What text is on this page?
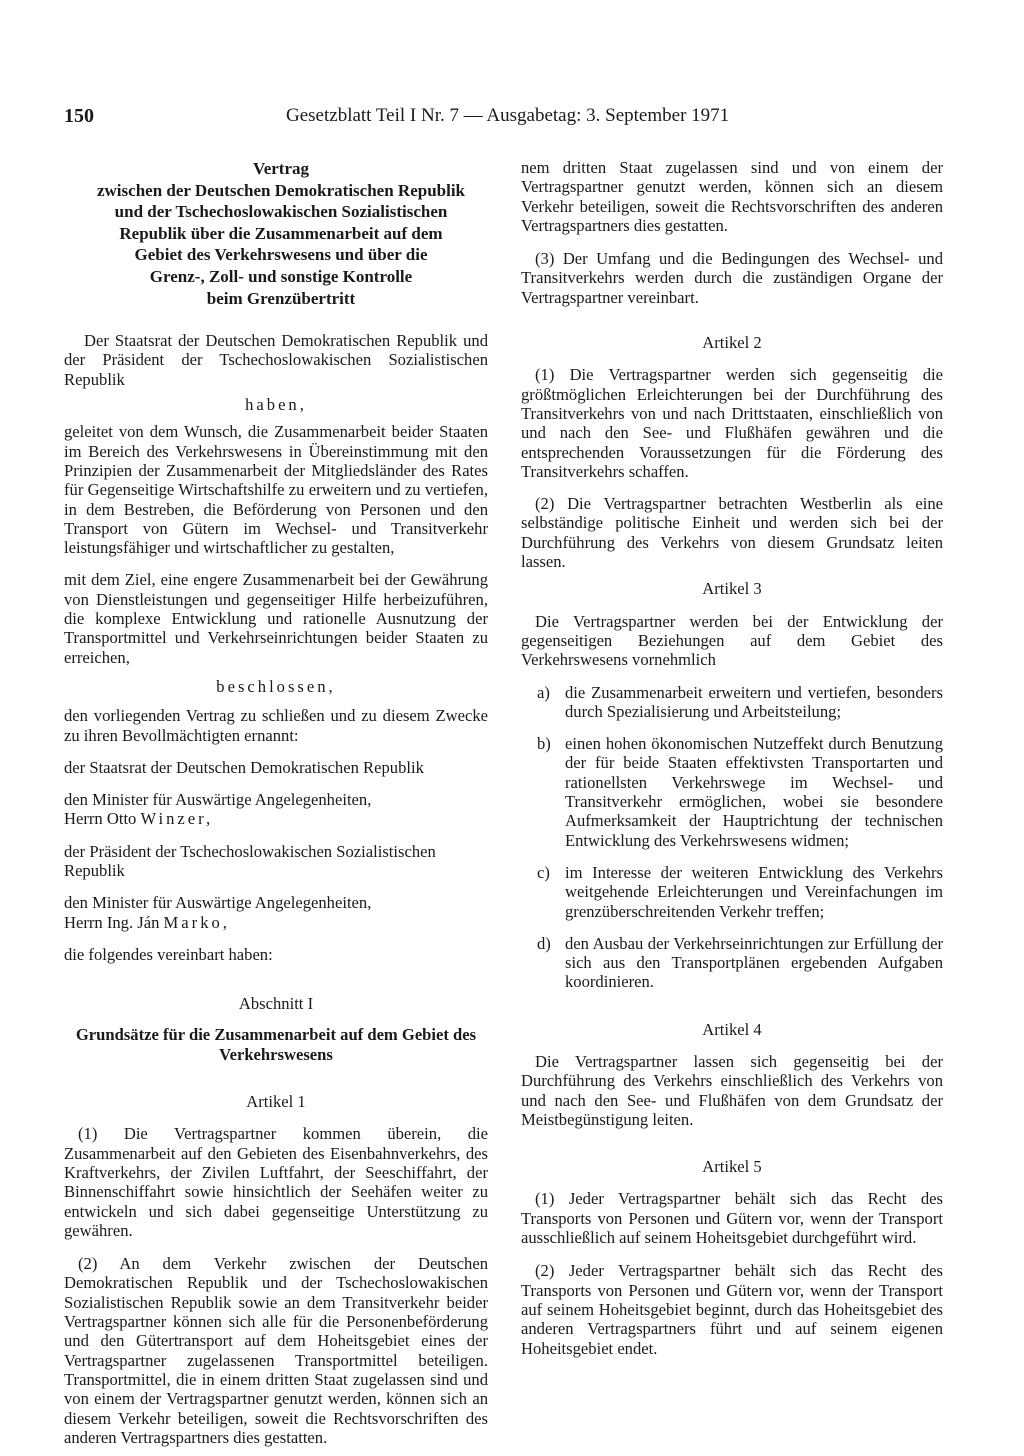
150	Gesetzblatt Teil I Nr. 7 — Ausgabetag: 3. September 1971
Vertrag
zwischen der Deutschen Demokratischen Republik
und der Tschechoslowakischen Sozialistischen
Republik über die Zusammenarbeit auf dem
Gebiet des Verkehrswesens und über die
Grenz-, Zoll- und sonstige Kontrolle
beim Grenzübertritt

Der Staatsrat der Deutschen Demokratischen Republik und der Präsident der Tschechoslowakischen Sozialistischen Republik

haben,

geleitet von dem Wunsch, die Zusammenarbeit beider Staaten im Bereich des Verkehrswesens in Übereinstimmung mit den Prinzipien der Zusammenarbeit der Mitgliedsländer des Rates für Gegenseitige Wirtschaftshilfe zu erweitern und zu vertiefen, in dem Bestreben, die Beförderung von Personen und den Transport von Gütern im Wechsel- und Transitverkehr leistungsfähiger und wirtschaftlicher zu gestalten,

mit dem Ziel, eine engere Zusammenarbeit bei der Gewährung von Dienstleistungen und gegenseitiger Hilfe herbeizuführen, die komplexe Entwicklung und rationelle Ausnutzung der Transportmittel und Verkehrseinrichtungen beider Staaten zu erreichen,

beschlossen,

den vorliegenden Vertrag zu schließen und zu diesem Zwecke zu ihren Bevollmächtigten ernannt:

der Staatsrat der Deutschen Demokratischen Republik

den Minister für Auswärtige Angelegenheiten,
Herrn Otto Winzer,

der Präsident der Tschechoslowakischen Sozialistischen Republik

den Minister für Auswärtige Angelegenheiten,
Herrn Ing. Ján Marko,

die folgendes vereinbart haben:

Abschnitt I

Grundsätze für die Zusammenarbeit auf dem Gebiet des Verkehrswesens

Artikel 1

(1) Die Vertragspartner kommen überein, die Zusammenarbeit auf den Gebieten des Eisenbahnverkehrs, des Kraftverkehrs, der Zivilen Luftfahrt, der Seeschiffahrt, der Binnenschiffahrt sowie hinsichtlich der Seehäfen weiter zu entwickeln und sich dabei gegenseitige Unterstützung zu gewähren.

(2) An dem Verkehr zwischen der Deutschen Demokratischen Republik und der Tschechoslowakischen Sozialistischen Republik sowie an dem Transitverkehr beider Vertragspartner können sich alle für die Personenbeförderung und den Gütertransport auf dem Hoheitsgebiet eines der Vertragspartner zugelassenen Transportmittel beteiligen. Transportmittel, die in einem dritten Staat zugelassen sind und von einem der Vertragspartner genutzt werden, können sich an diesem Verkehr beteiligen, soweit die Rechtsvorschriften des anderen Vertragspartners dies gestatten.

nem dritten Staat zugelassen sind und von einem der Vertragspartner genutzt werden, können sich an diesem Verkehr beteiligen, soweit die Rechtsvorschriften des anderen Vertragspartners dies gestatten.

(3) Der Umfang und die Bedingungen des Wechsel- und Transitverkehrs werden durch die zuständigen Organe der Vertragspartner vereinbart.

Artikel 2

(1) Die Vertragspartner werden sich gegenseitig die größtmöglichen Erleichterungen bei der Durchführung des Transitverkehrs von und nach Drittstaaten, einschließlich von und nach den See- und Flußhäfen gewähren und die entsprechenden Voraussetzungen für die Förderung des Transitverkehrs schaffen.

(2) Die Vertragspartner betrachten Westberlin als eine selbständige politische Einheit und werden sich bei der Durchführung des Verkehrs von diesem Grundsatz leiten lassen.

Artikel 3

Die Vertragspartner werden bei der Entwicklung der gegenseitigen Beziehungen auf dem Gebiet des Verkehrswesens vornehmlich

a) die Zusammenarbeit erweitern und vertiefen, besonders durch Spezialisierung und Arbeitsteilung;
b) einen hohen ökonomischen Nutzeffekt durch Benutzung der für beide Staaten effektivsten Transportarten und rationellsten Verkehrswege im Wechsel- und Transitverkehr ermöglichen, wobei sie besondere Aufmerksamkeit der Hauptrichtung der technischen Entwicklung des Verkehrswesens widmen;
c) im Interesse der weiteren Entwicklung des Verkehrs weitgehende Erleichterungen und Vereinfachungen im grenzüberschreitenden Verkehr treffen;
d) den Ausbau der Verkehrseinrichtungen zur Erfüllung der sich aus den Transportplänen ergebenden Aufgaben koordinieren.

Artikel 4

Die Vertragspartner lassen sich gegenseitig bei der Durchführung des Verkehrs einschließlich des Verkehrs von und nach den See- und Flußhäfen von dem Grundsatz der Meistbegünstigung leiten.

Artikel 5

(1) Jeder Vertragspartner behält sich das Recht des Transports von Personen und Gütern vor, wenn der Transport ausschließlich auf seinem Hoheitsgebiet durchgeführt wird.

(2) Jeder Vertragspartner behält sich das Recht des Transports von Personen und Gütern vor, wenn der Transport auf seinem Hoheitsgebiet beginnt, durch das Hoheitsgebiet des anderen Vertragspartners führt und auf seinem eigenen Hoheitsgebiet endet.
